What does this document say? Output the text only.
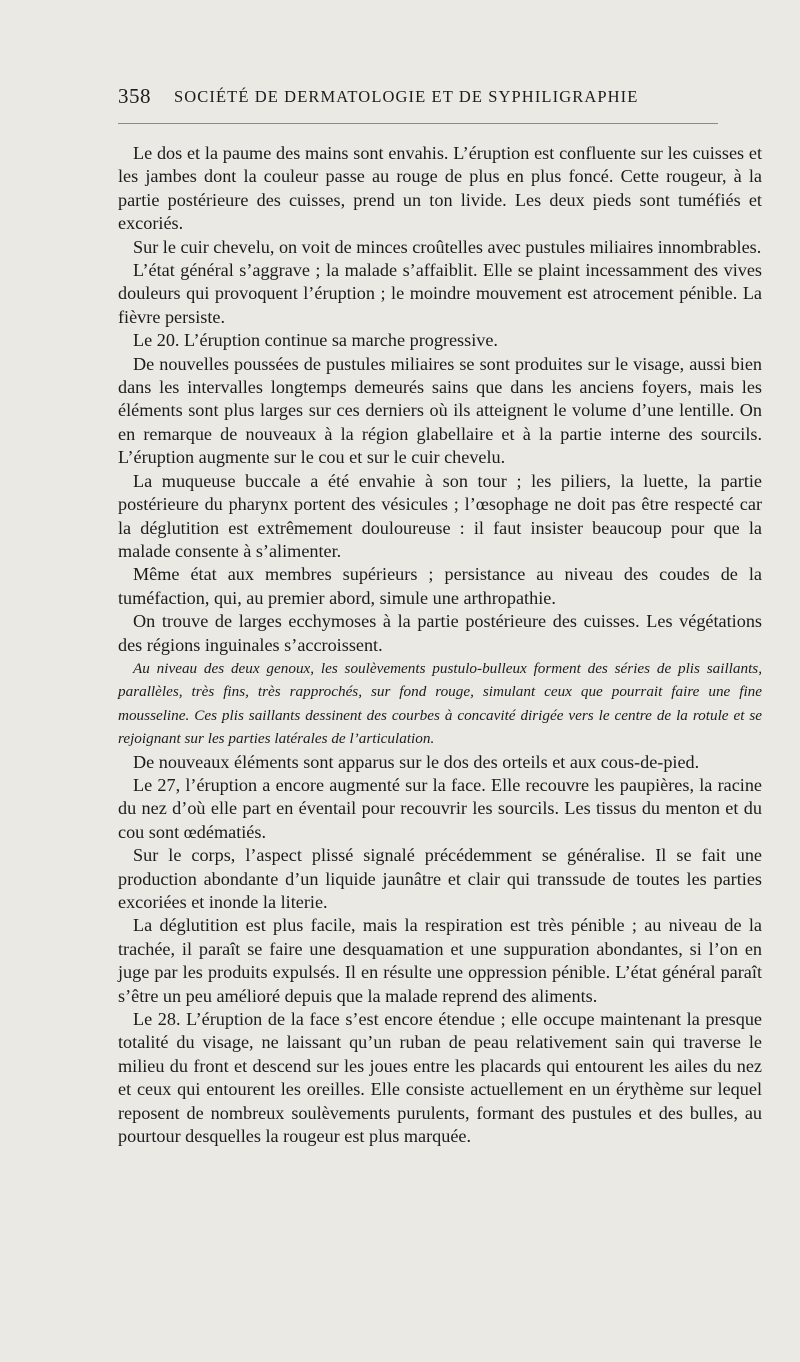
358 SOCIÉTÉ DE DERMATOLOGIE ET DE SYPHILIGRAPHIE

Le dos et la paume des mains sont envahis. L’éruption est confluente sur les cuisses et les jambes dont la couleur passe au rouge de plus en plus foncé. Cette rougeur, à la partie postérieure des cuisses, prend un ton livide. Les deux pieds sont tuméfiés et excoriés.

Sur le cuir chevelu, on voit de minces croûtelles avec pustules miliaires innombrables.

L’état général s’aggrave ; la malade s’affaiblit. Elle se plaint incessamment des vives douleurs qui provoquent l’éruption ; le moindre mouvement est atrocement pénible. La fièvre persiste.

Le 20. L’éruption continue sa marche progressive.

De nouvelles poussées de pustules miliaires se sont produites sur le visage, aussi bien dans les intervalles longtemps demeurés sains que dans les anciens foyers, mais les éléments sont plus larges sur ces derniers où ils atteignent le volume d’une lentille. On en remarque de nouveaux à la région glabellaire et à la partie interne des sourcils. L’éruption augmente sur le cou et sur le cuir chevelu.

La muqueuse buccale a été envahie à son tour ; les piliers, la luette, la partie postérieure du pharynx portent des vésicules ; l’œsophage ne doit pas être respecté car la déglutition est extrêmement douloureuse : il faut insister beaucoup pour que la malade consente à s’alimenter.

Même état aux membres supérieurs ; persistance au niveau des coudes de la tuméfaction, qui, au premier abord, simule une arthropathie.

On trouve de larges ecchymoses à la partie postérieure des cuisses. Les végétations des régions inguinales s’accroissent.

Au niveau des deux genoux, les soulèvements pustulo-bulleux forment des séries de plis saillants, parallèles, très fins, très rapprochés, sur fond rouge, simulant ceux que pourrait faire une fine mousseline. Ces plis saillants dessinent des courbes à concavité dirigée vers le centre de la rotule et se rejoignant sur les parties latérales de l’articulation.

De nouveaux éléments sont apparus sur le dos des orteils et aux cous-de-pied.

Le 27, l’éruption a encore augmenté sur la face. Elle recouvre les paupières, la racine du nez d’où elle part en éventail pour recouvrir les sourcils. Les tissus du menton et du cou sont œdématiés.

Sur le corps, l’aspect plissé signalé précédemment se généralise. Il se fait une production abondante d’un liquide jaunâtre et clair qui transsude de toutes les parties excoriées et inonde la literie.

La déglutition est plus facile, mais la respiration est très pénible ; au niveau de la trachée, il paraît se faire une desquamation et une suppuration abondantes, si l’on en juge par les produits expulsés. Il en résulte une oppression pénible. L’état général paraît s’être un peu amélioré depuis que la malade reprend des aliments.

Le 28. L’éruption de la face s’est encore étendue ; elle occupe maintenant la presque totalité du visage, ne laissant qu’un ruban de peau relativement sain qui traverse le milieu du front et descend sur les joues entre les placards qui entourent les ailes du nez et ceux qui entourent les oreilles. Elle consiste actuellement en un érythème sur lequel reposent de nombreux soulèvements purulents, formant des pustules et des bulles, au pourtour desquelles la rougeur est plus marquée.
